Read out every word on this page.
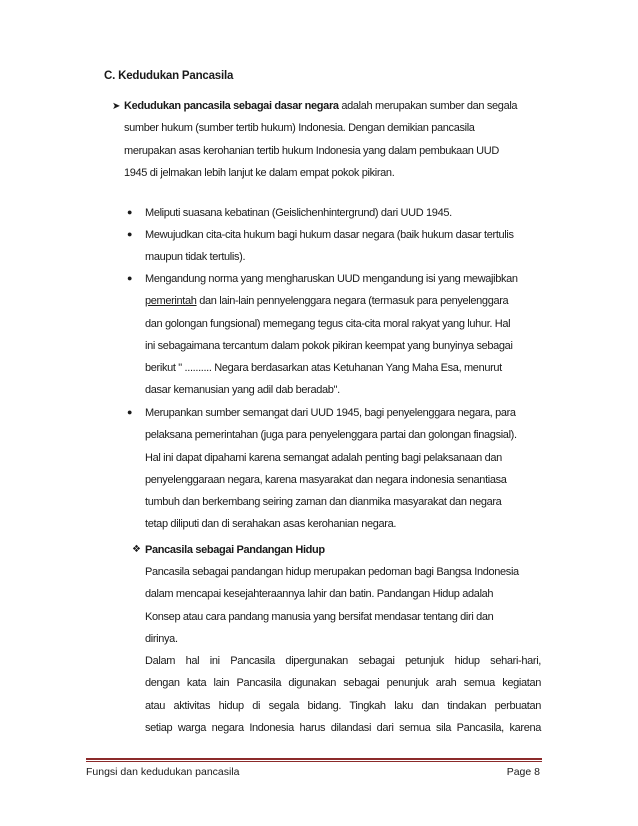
C. Kedudukan Pancasila
➤ Kedudukan pancasila sebagai dasar negara adalah merupakan sumber dan segala
sumber hukum (sumber tertib hukum) Indonesia. Dengan demikian pancasila
merupakan asas kerohanian tertib hukum Indonesia yang dalam pembukaan UUD
1945 di jelmakan lebih lanjut ke dalam empat pokok pikiran.
● Meliputi suasana kebatinan (Geislichenhintergrund) dari UUD 1945.
● Mewujudkan cita-cita hukum bagi hukum dasar negara (baik hukum dasar tertulis
maupun tidak tertulis).
● Mengandung norma yang mengharuskan UUD mengandung isi yang mewajibkan
pemerintah dan lain-lain pennyelenggara negara (termasuk para penyelenggara
dan golongan fungsional) memegang tegus cita-cita moral rakyat yang luhur. Hal
ini sebagaimana tercantum dalam pokok pikiran keempat yang bunyinya sebagai
berikut " .......... Negara berdasarkan atas Ketuhanan Yang Maha Esa, menurut
dasar kemanusian yang adil dab beradab".
● Merupankan sumber semangat dari UUD 1945, bagi penyelenggara negara, para
pelaksana pemerintahan (juga para penyelenggara partai dan golongan finagsial).
Hal ini dapat dipahami karena semangat adalah penting bagi pelaksanaan dan
penyelenggaraan negara, karena masyarakat dan negara indonesia senantiasa
tumbuh dan berkembang seiring zaman dan dianmika masyarakat dan negara
tetap diliputi dan di serahakan asas kerohanian negara.
❖ Pancasila sebagai Pandangan Hidup
Pancasila sebagai pandangan hidup merupakan pedoman bagi Bangsa Indonesia
dalam mencapai kesejahteraannya lahir dan batin. Pandangan Hidup adalah
Konsep atau cara pandang manusia yang bersifat mendasar tentang diri dan
dirinya.
Dalam hal ini Pancasila dipergunakan sebagai petunjuk hidup sehari-hari,
dengan kata lain Pancasila digunakan sebagai penunjuk arah semua kegiatan
atau aktivitas hidup di segala bidang. Tingkah laku dan tindakan perbuatan
setiap warga negara Indonesia harus dilandasi dari semua sila Pancasila, karena
Fungsi dan kedudukan pancasila	Page 8
